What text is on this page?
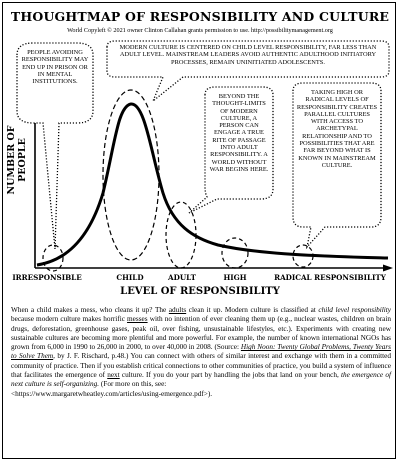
THOUGHTMAP OF RESPONSIBILITY AND CULTURE
World Copyleft © 2021 owner Clinton Callahan grants permission to use. http://possibilitymanagement.org
PEOPLE AVOIDING RESPONSIBILITY MAY END UP IN PRISON OR IN MENTAL INSTITUTIONS.
MODERN CULTURE IS CENTERED ON CHILD LEVEL RESPONSIBILITY, FAR LESS THAN ADULT LEVEL. MAINSTREAM LEADERS AVOID AUTHENTIC ADULTHOOD INITIATORY PROCESSES, REMAIN UNINITIATED ADOLESCENTS.
BEYOND THE THOUGHT-LIMITS OF MODERN CULTURE, A PERSON CAN ENGAGE A TRUE RITE OF PASSAGE INTO ADULT RESPONSIBILITY. A WORLD WITHOUT WAR BEGINS HERE.
TAKING HIGH OR RADICAL LEVELS OF RESPONSIBILITY CREATES PARALLEL CULTURES WITH ACCESS TO ARCHETYPAL RELATIONSHIP AND TO POSSIBILITIES THAT ARE FAR BEYOND WHAT IS KNOWN IN MAINSTREAM CULTURE.
NUMBER OF PEOPLE
IRRESPONSIBLE	CHILD	ADULT	HIGH	RADICAL RESPONSIBILITY
LEVEL OF RESPONSIBILITY
When a child makes a mess, who cleans it up? The adults clean it up. Modern culture is classified at child level responsibility because modern culture makes horrific messes with no intention of ever cleaning them up (e.g., nuclear wastes, children on brain drugs, deforestation, greenhouse gases, peak oil, over fishing, unsustainable lifestyles, etc.). Experiments with creating new sustainable cultures are becoming more plentiful and more powerful. For example, the number of known international NGOs has grown from 6,000 in 1990 to 26,000 in 2000, to over 40,000 in 2008. (Source: High Noon: Twenty Global Problems, Twenty Years to Solve Them, by J. F. Rischard, p.48.) You can connect with others of similar interest and exchange with them in a committed community of practice. Then if you establish critical connections to other communities of practice, you build a system of influence that facilitates the emergence of next culture. If you do your part by handling the jobs that land on your bench, the emergence of next culture is self-organizing. (For more on this, see:
<https://www.margaretwheatley.com/articles/using-emergence.pdf>).
